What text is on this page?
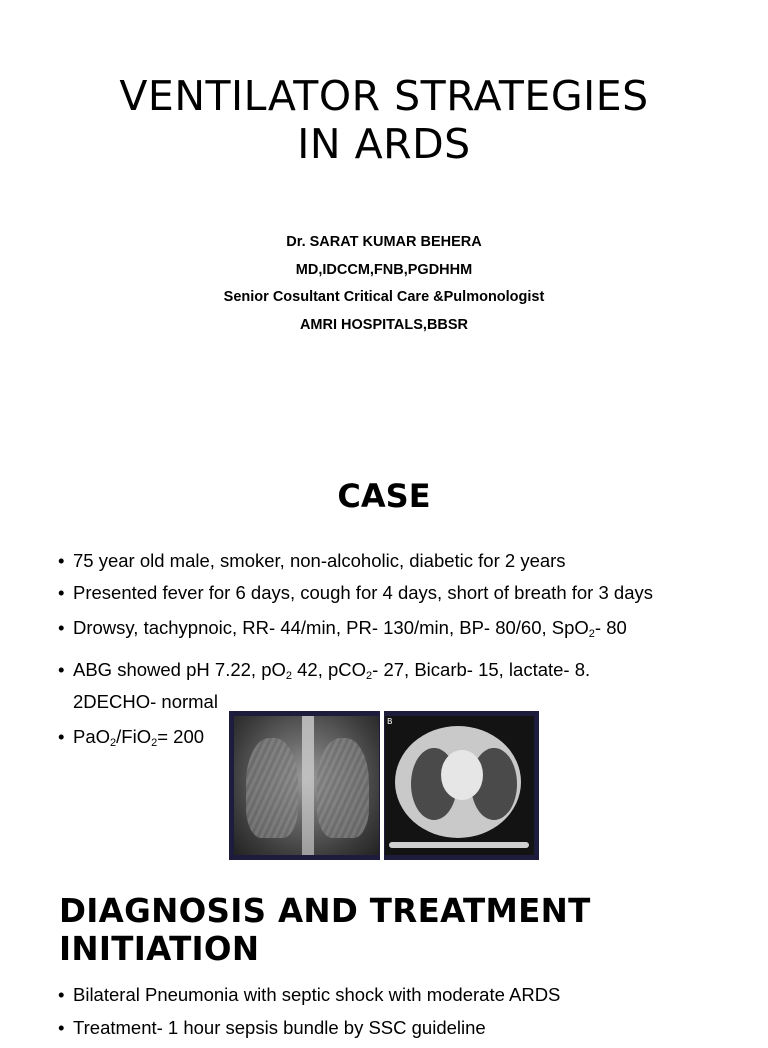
VENTILATOR STRATEGIES
IN ARDS
Dr. SARAT KUMAR BEHERA
MD,IDCCM,FNB,PGDHHM
Senior Cosultant Critical Care &Pulmonologist
AMRI HOSPITALS,BBSR
CASE
• 75 year old male, smoker, non-alcoholic, diabetic for 2 years
• Presented fever for 6 days, cough for 4 days, short of breath for 3 days
• Drowsy, tachypnoic, RR- 44/min, PR- 130/min, BP- 80/60, SpO$_2$- 80
• ABG showed pH 7.22, $pO_2$ 42, pCO$_2$- 27, Bicarb- 15, lactate- 8.
2DECHO- normal
• PaO$_2$/FiO$_2$= 200
B
DIAGNOSIS AND TREATMENT
INITIATION
• Bilateral Pneumonia with septic shock with moderate ARDS
• Treatment- 1 hour sepsis bundle by SSC guideline
